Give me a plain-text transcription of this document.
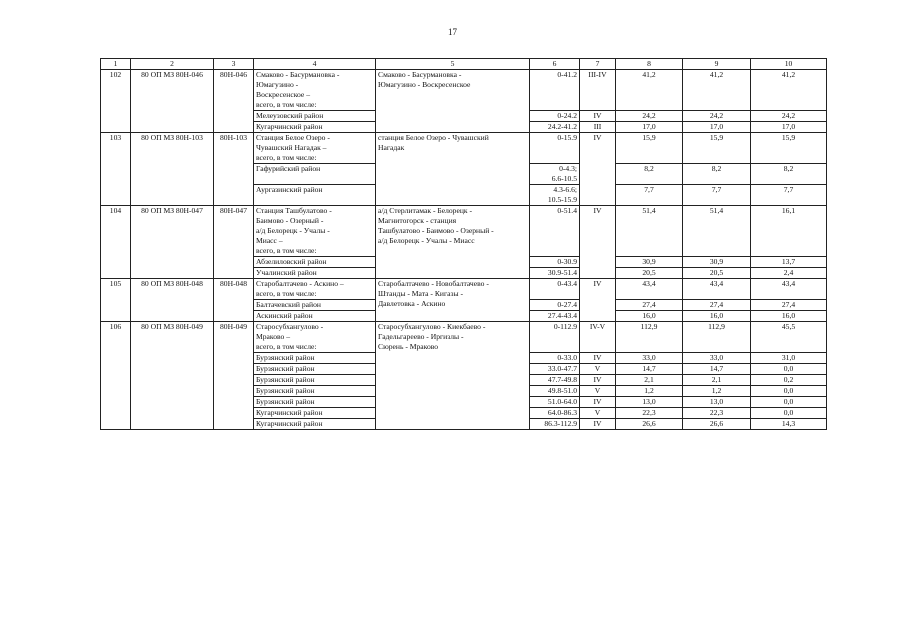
17
1	2	3	4	5	6	7	8	9	10
102	80 ОП МЗ 80Н-046	80Н-046	Смаково - Басурмановка -
Юмагузино -
Воскресенское –
всего, в том числе:	Смаково - Басурмановка -
Юмагузино - Воскресенское	0-41.2	III-IV	41,2	41,2	41,2
			Мелеузовский район		0-24.2	IV	24,2	24,2	24,2
			Кугарчинский район		24.2-41.2	III	17,0	17,0	17,0
103	80 ОП МЗ 80Н-103	80Н-103	Станция Белое Озеро -
Чувашский Нагадак –
всего, в том числе:	станция Белое Озеро - Чувашский
Нагадак	0-15.9	IV	15,9	15,9	15,9
			Гафурийский район		0-4.3;
6.6-10.5		8,2	8,2	8,2
			Аургазинский район		4.3-6.6;
10.5-15.9		7,7	7,7	7,7
104	80 ОП МЗ 80Н-047	80Н-047	Станция Ташбулатово -
Баимово - Озерный -
а/д Белорецк - Учалы -
Миасс –
всего, в том числе:	а/д Стерлитамак - Белорецк -
Магнитогорск - станция
Ташбулатово - Баимово - Озерный -
а/д Белорецк - Учалы - Миасс	0-51.4	IV	51,4	51,4	16,1
			Абзелиловский район		0-30.9		30,9	30,9	13,7
			Учалинский район		30.9-51.4		20,5	20,5	2,4
105	80 ОП МЗ 80Н-048	80Н-048	Старобалтачево - Аскино –
всего, в том числе:	Старобалтачево - Новобалтачево -
Штанды - Мата - Кигазы -
Давлетовка - Аскино	0-43.4	IV	43,4	43,4	43,4
			Балтачевский район		0-27.4		27,4	27,4	27,4
			Аскинский район		27.4-43.4		16,0	16,0	16,0
106	80 ОП МЗ 80Н-049	80Н-049	Старосубхангулово -
Мраково –
всего, в том числе:	Старосубхангулово - Киекбаево -
Гадельгареево - Иргизлы -
Сюрень - Мраково	0-112.9	IV-V	112,9	112,9	45,5
			Бурзянский район		0-33.0	IV	33,0	33,0	31,0
			Бурзянский район		33.0-47.7	V	14,7	14,7	0,0
			Бурзянский район		47.7-49.8	IV	2,1	2,1	0,2
			Бурзянский район		49.8-51.0	V	1,2	1,2	0,0
			Бурзянский район		51.0-64.0	IV	13,0	13,0	0,0
			Кугарчинский район		64.0-86.3	V	22,3	22,3	0,0
			Кугарчинский район		86.3-112.9	IV	26,6	26,6	14,3
